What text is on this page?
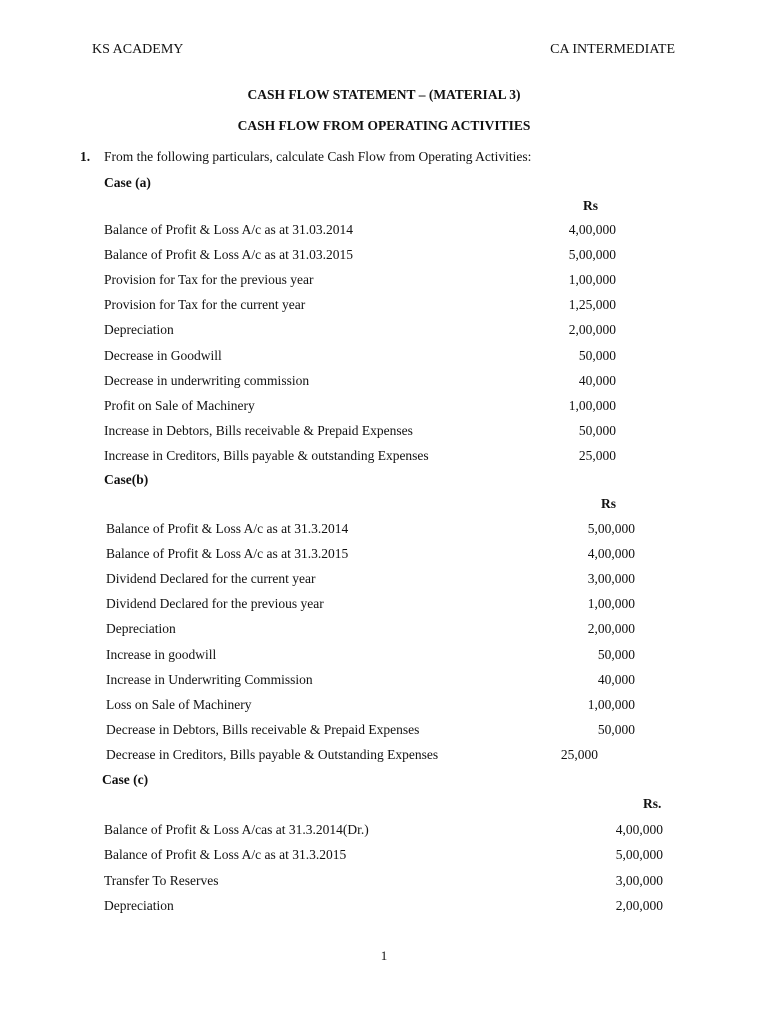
KS ACADEMY	CA INTERMEDIATE
CASH FLOW STATEMENT – (MATERIAL 3)
CASH FLOW FROM OPERATING ACTIVITIES
1. From the following particulars, calculate Cash Flow from Operating Activities:
Case (a)
Rs
Balance of Profit & Loss A/c as at 31.03.2014	4,00,000
Balance of Profit & Loss A/c as at 31.03.2015	5,00,000
Provision for Tax for the previous year	1,00,000
Provision for Tax for the current year	1,25,000
Depreciation	2,00,000
Decrease in Goodwill	50,000
Decrease in underwriting commission	40,000
Profit on Sale of Machinery	1,00,000
Increase in Debtors, Bills receivable & Prepaid Expenses	50,000
Increase in Creditors, Bills payable & outstanding Expenses	25,000
Case(b)
Rs
Balance of Profit & Loss A/c as at 31.3.2014	5,00,000
Balance of Profit & Loss A/c as at 31.3.2015	4,00,000
Dividend Declared for the current year	3,00,000
Dividend Declared for the previous year	1,00,000
Depreciation	2,00,000
Increase in goodwill	50,000
Increase in Underwriting Commission	40,000
Loss on Sale of Machinery	1,00,000
Decrease in Debtors, Bills receivable & Prepaid Expenses	50,000
Decrease in Creditors, Bills payable & Outstanding Expenses	25,000
Case (c)
Rs.
Balance of Profit & Loss A/cas at 31.3.2014(Dr.)	4,00,000
Balance of Profit & Loss A/c as at 31.3.2015	5,00,000
Transfer To Reserves	3,00,000
Depreciation	2,00,000
1
